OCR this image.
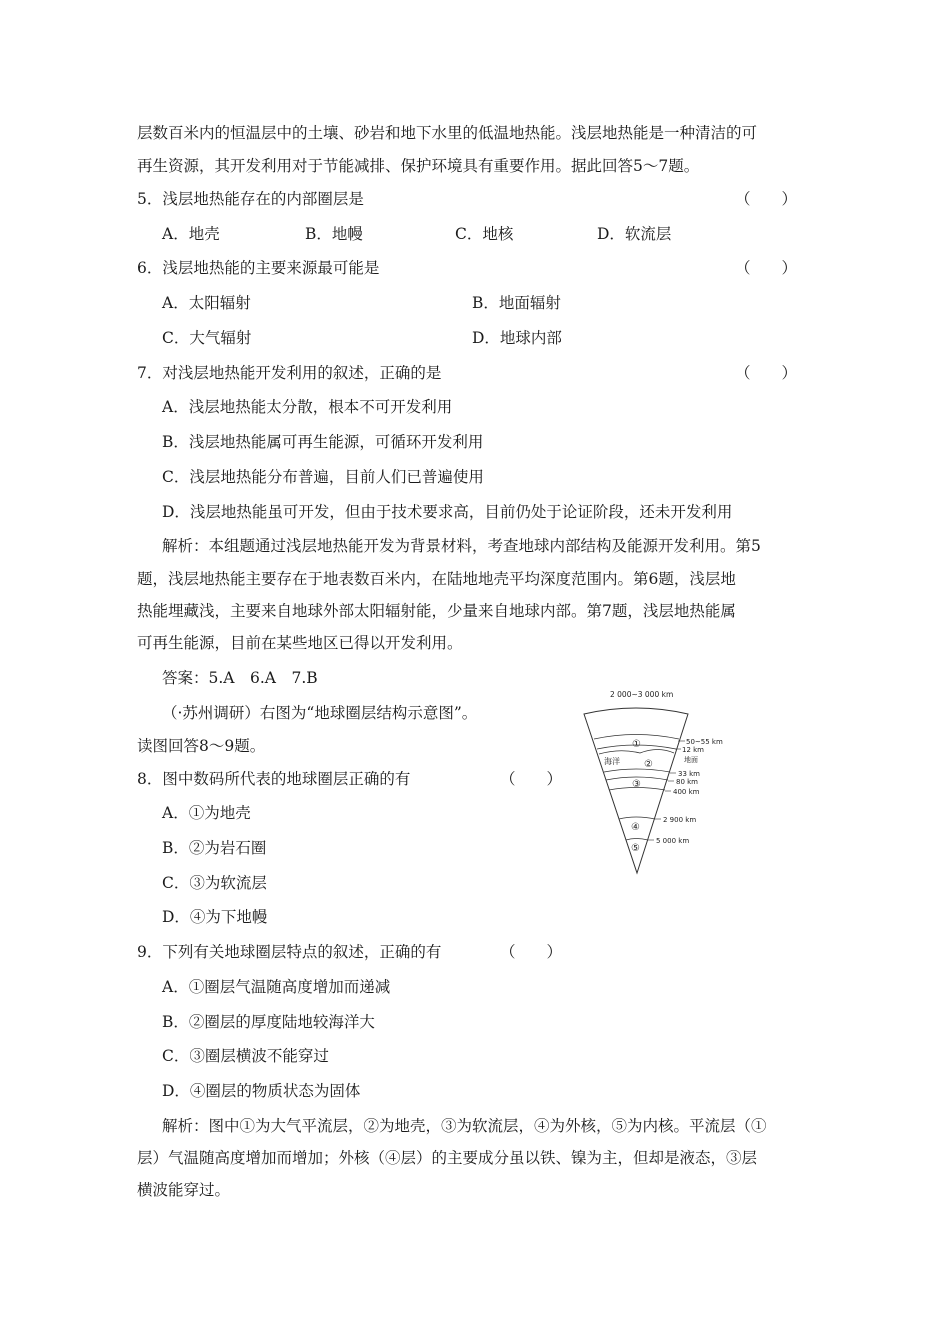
层数百米内的恒温层中的土壤、砂岩和地下水里的低温地热能。浅层地热能是一种清洁的可
再生资源，其开发利用对于节能减排、保护环境具有重要作用。据此回答5～7题。
5．浅层地热能存在的内部圈层是	（　　）
A．地壳	B．地幔	C．地核	D．软流层
6．浅层地热能的主要来源最可能是	（　　）
A．太阳辐射	B．地面辐射
C．大气辐射	D．地球内部
7．对浅层地热能开发利用的叙述，正确的是	（　　）
A．浅层地热能太分散，根本不可开发利用
B．浅层地热能属可再生能源，可循环开发利用
C．浅层地热能分布普遍，目前人们已普遍使用
D．浅层地热能虽可开发，但由于技术要求高，目前仍处于论证阶段，还未开发利用
解析：本组题通过浅层地热能开发为背景材料，考查地球内部结构及能源开发利用。第5
题，浅层地热能主要存在于地表数百米内，在陆地地壳平均深度范围内。第6题，浅层地
热能埋藏浅，主要来自地球外部太阳辐射能，少量来自地球内部。第7题，浅层地热能属
可再生能源，目前在某些地区已得以开发利用。
答案：5.A　6.A　7.B
（·苏州调研）右图为“地球圈层结构示意图”。
读图回答8～9题。
8．图中数码所代表的地球圈层正确的有	（　　）
A．①为地壳
B．②为岩石圈
C．③为软流层
D．④为下地幔
9．下列有关地球圈层特点的叙述，正确的有	（　　）
A．①圈层气温随高度增加而递减
B．②圈层的厚度陆地较海洋大
C．③圈层横波不能穿过
D．④圈层的物质状态为固体
解析：图中①为大气平流层，②为地壳，③为软流层，④为外核，⑤为内核。平流层（①
层）气温随高度增加而增加；外核（④层）的主要成分虽以铁、镍为主，但却是液态，③层
横波能穿过。
2 000~3 000 km
①
②
③
④
⑤
海洋
50~55 km
12 km
地面
33 km
80 km
400 km
2 900 km
5 000 km
